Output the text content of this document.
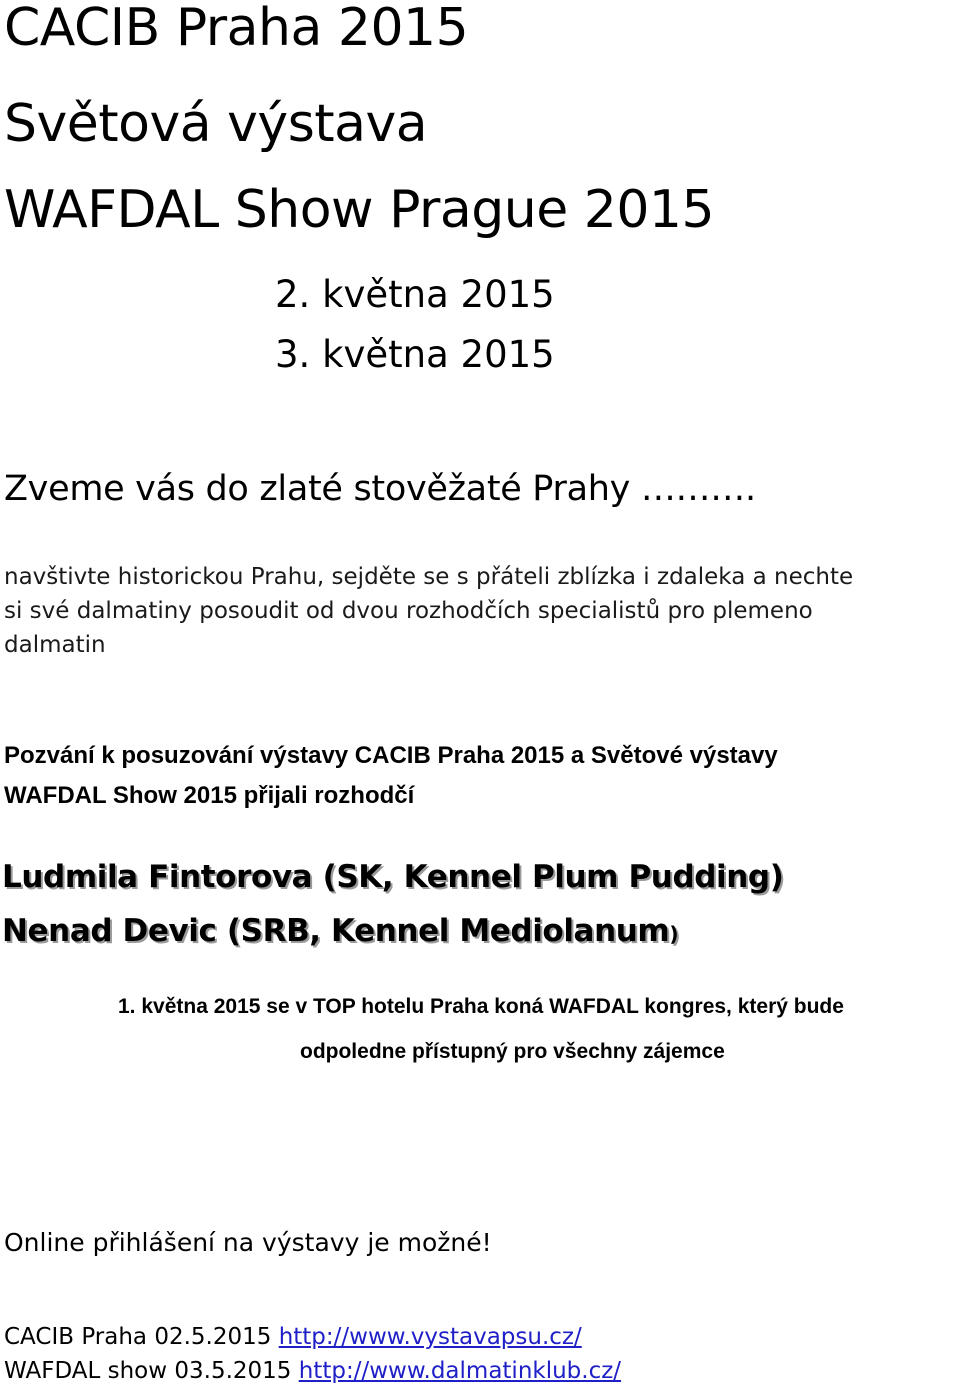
CACIB Praha 2015
Světová výstava
WAFDAL Show Prague 2015
2. května 2015
3. května 2015
Zveme vás do zlaté stověžaté Prahy ……….
navštivte historickou Prahu, sejděte se s přáteli zblízka i zdaleka a nechte
si své dalmatiny posoudit od dvou rozhodčích specialistů pro plemeno
dalmatin
Pozvání k posuzování výstavy CACIB Praha 2015 a Světové výstavy
WAFDAL Show 2015 přijali rozhodčí
Ludmila Fintorova (SK, Kennel Plum Pudding)
Nenad Devic (SRB, Kennel Mediolanum)
1. května 2015 se v TOP hotelu Praha koná WAFDAL kongres, který bude
odpoledne přístupný pro všechny zájemce
Online přihlášení na výstavy je možné!
CACIB Praha 02.5.2015 http://www.vystavapsu.cz/
WAFDAL show 03.5.2015 http://www.dalmatinklub.cz/
